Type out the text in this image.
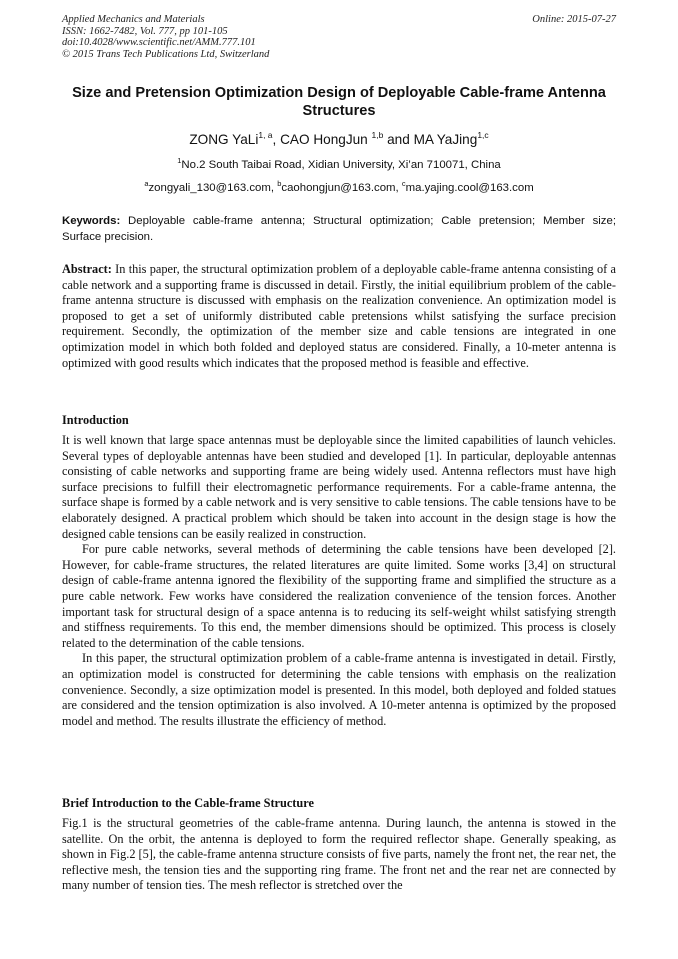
Applied Mechanics and Materials
ISSN: 1662-7482, Vol. 777, pp 101-105
doi:10.4028/www.scientific.net/AMM.777.101
© 2015 Trans Tech Publications Ltd, Switzerland
Online: 2015-07-27
Size and Pretension Optimization Design of Deployable Cable-frame Antenna Structures
ZONG YaLi$^{1, a}$, CAO HongJun $^{1,b}$ and MA YaJing$^{1,c}$
$^1$No.2 South Taibai Road, Xidian University, Xi’an 710071, China
$^a$zongyali_130@163.com, $^b$caohongjun@163.com, $^c$ma.yajing.cool@163.com
Keywords: Deployable cable-frame antenna; Structural optimization; Cable pretension; Member size; Surface precision.
Abstract: In this paper, the structural optimization problem of a deployable cable-frame antenna consisting of a cable network and a supporting frame is discussed in detail. Firstly, the initial equilibrium problem of the cable-frame antenna structure is discussed with emphasis on the realization convenience. An optimization model is proposed to get a set of uniformly distributed cable pretensions whilst satisfying the surface precision requirement. Secondly, the optimization of the member size and cable tensions are integrated in one optimization model in which both folded and deployed status are considered. Finally, a 10-meter antenna is optimized with good results which indicates that the proposed method is feasible and effective.
Introduction

It is well known that large space antennas must be deployable since the limited capabilities of launch vehicles. Several types of deployable antennas have been studied and developed [1]. In particular, deployable antennas consisting of cable networks and supporting frame are being widely used. Antenna reflectors must have high surface precisions to fulfill their electromagnetic performance requirements. For a cable-frame antenna, the surface shape is formed by a cable network and is very sensitive to cable tensions. The cable tensions have to be elaborately designed. A practical problem which should be taken into account in the design stage is how the designed cable tensions can be easily realized in construction.

For pure cable networks, several methods of determining the cable tensions have been developed [2]. However, for cable-frame structures, the related literatures are quite limited. Some works [3,4] on structural design of cable-frame antenna ignored the flexibility of the supporting frame and simplified the structure as a pure cable network. Few works have considered the realization convenience of the tension forces. Another important task for structural design of a space antenna is to reducing its self-weight whilst satisfying strength and stiffness requirements. To this end, the member dimensions should be optimized. This process is closely related to the determination of the cable tensions.

In this paper, the structural optimization problem of a cable-frame antenna is investigated in detail. Firstly, an optimization model is constructed for determining the cable tensions with emphasis on the realization convenience. Secondly, a size optimization model is presented. In this model, both deployed and folded statues are considered and the tension optimization is also involved. A 10-meter antenna is optimized by the proposed model and method. The results illustrate the efficiency of method.

Brief Introduction to the Cable-frame Structure

Fig.1 is the structural geometries of the cable-frame antenna. During launch, the antenna is stowed in the satellite. On the orbit, the antenna is deployed to form the required reflector shape. Generally speaking, as shown in Fig.2 [5], the cable-frame antenna structure consists of five parts, namely the front net, the rear net, the reflective mesh, the tension ties and the supporting ring frame. The front net and the rear net are connected by many number of tension ties. The mesh reflector is stretched over the
